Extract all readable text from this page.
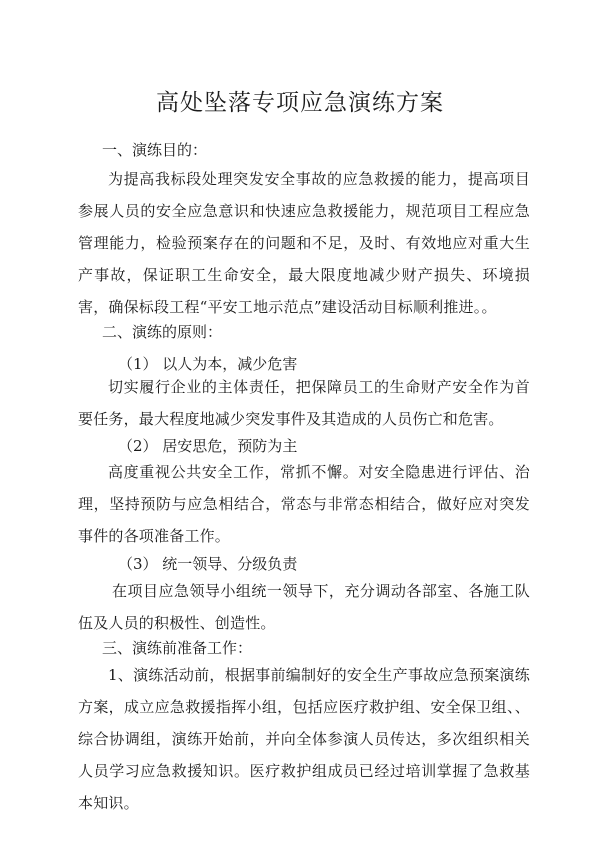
高处坠落专项应急演练方案
一、演练目的：
为提高我标段处理突发安全事故的应急救援的能力，提高项目参展人员的安全应急意识和快速应急救援能力，规范项目工程应急管理能力，检验预案存在的问题和不足，及时、有效地应对重大生产事故，保证职工生命安全，最大限度地减少财产损失、环境损害，确保标段工程“平安工地示范点”建设活动目标顺利推进。。
二、演练的原则：
（1） 以人为本，减少危害
切实履行企业的主体责任，把保障员工的生命财产安全作为首要任务，最大程度地减少突发事件及其造成的人员伤亡和危害。
（2） 居安思危，预防为主
高度重视公共安全工作，常抓不懈。对安全隐患进行评估、治理，坚持预防与应急相结合，常态与非常态相结合，做好应对突发事件的各项准备工作。
（3） 统一领导、分级负责
在项目应急领导小组统一领导下，充分调动各部室、各施工队伍及人员的积极性、创造性。
三、演练前准备工作：
1、演练活动前，根据事前编制好的安全生产事故应急预案演练方案，成立应急救援指挥小组，包括应医疗救护组、安全保卫组、、综合协调组，演练开始前，并向全体参演人员传达，多次组织相关人员学习应急救援知识。医疗救护组成员已经过培训掌握了急救基本知识。
